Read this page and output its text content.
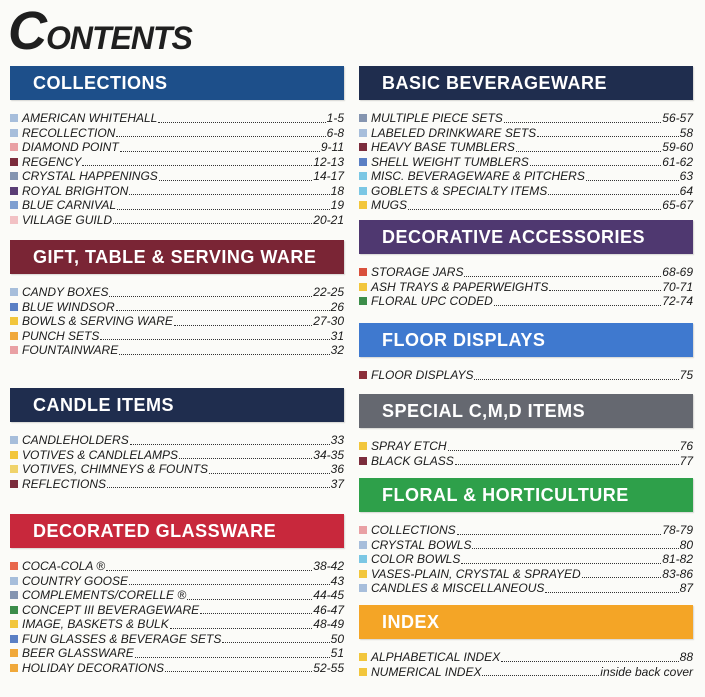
CONTENTS
COLLECTIONS
AMERICAN WHITEHALL	1-5
RECOLLECTION	6-8
DIAMOND POINT	9-11
REGENCY	12-13
CRYSTAL HAPPENINGS	14-17
ROYAL BRIGHTON	18
BLUE CARNIVAL	19
VILLAGE GUILD	20-21
GIFT, TABLE & SERVING WARE
CANDY BOXES	22-25
BLUE WINDSOR	26
BOWLS & SERVING WARE	27-30
PUNCH SETS	31
FOUNTAINWARE	32
CANDLE ITEMS
CANDLEHOLDERS	33
VOTIVES & CANDLELAMPS	34-35
VOTIVES, CHIMNEYS & FOUNTS	36
REFLECTIONS	37
DECORATED GLASSWARE
COCA-COLA ®	38-42
COUNTRY GOOSE	43
COMPLEMENTS/CORELLE ®	44-45
CONCEPT III BEVERAGEWARE	46-47
IMAGE, BASKETS & BULK	48-49
FUN GLASSES & BEVERAGE SETS	50
BEER GLASSWARE	51
HOLIDAY DECORATIONS	52-55
BASIC BEVERAGEWARE
MULTIPLE PIECE SETS	56-57
LABELED DRINKWARE SETS	58
HEAVY BASE TUMBLERS	59-60
SHELL WEIGHT TUMBLERS	61-62
MISC. BEVERAGEWARE & PITCHERS	63
GOBLETS & SPECIALTY ITEMS	64
MUGS	65-67
DECORATIVE ACCESSORIES
STORAGE JARS	68-69
ASH TRAYS & PAPERWEIGHTS	70-71
FLORAL UPC CODED	72-74
FLOOR DISPLAYS
FLOOR DISPLAYS	75
SPECIAL C,M,D ITEMS
SPRAY ETCH	76
BLACK GLASS	77
FLORAL & HORTICULTURE
COLLECTIONS	78-79
CRYSTAL BOWLS	80
COLOR BOWLS	81-82
VASES-PLAIN, CRYSTAL & SPRAYED	83-86
CANDLES & MISCELLANEOUS	87
INDEX
ALPHABETICAL INDEX	88
NUMERICAL INDEX	inside back cover
